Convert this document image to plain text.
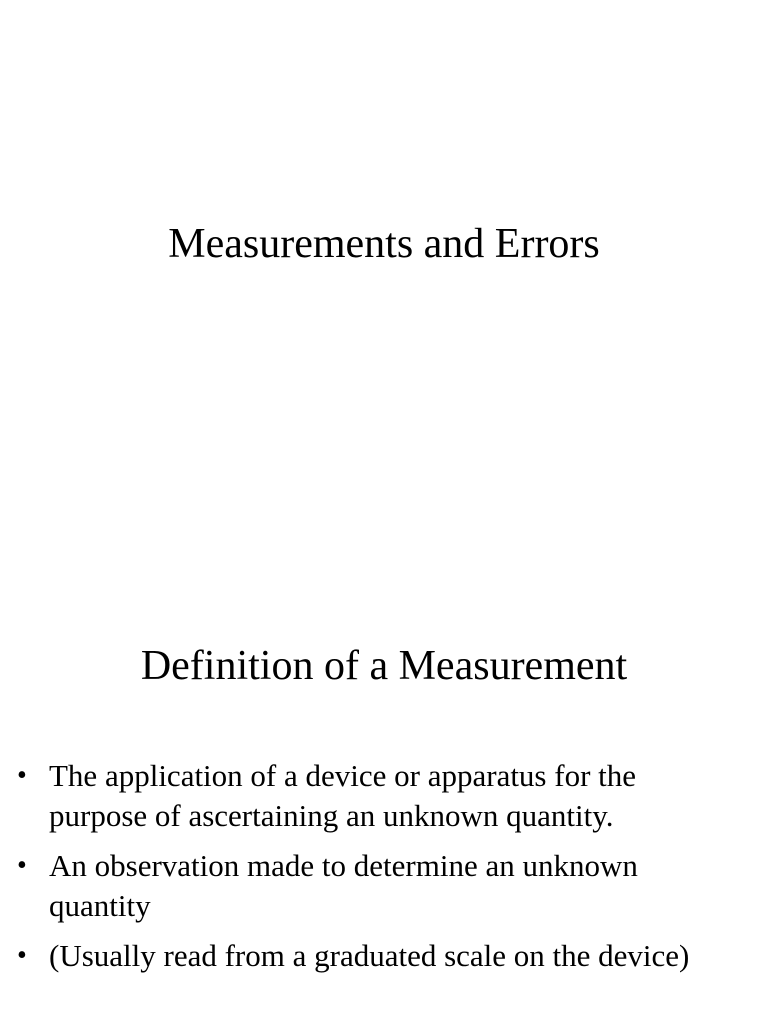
Measurements and Errors
Definition of a Measurement
• The application of a device or apparatus for the purpose of ascertaining an unknown quantity.
• An observation made to determine an unknown quantity
• (Usually read from a graduated scale on the device)
